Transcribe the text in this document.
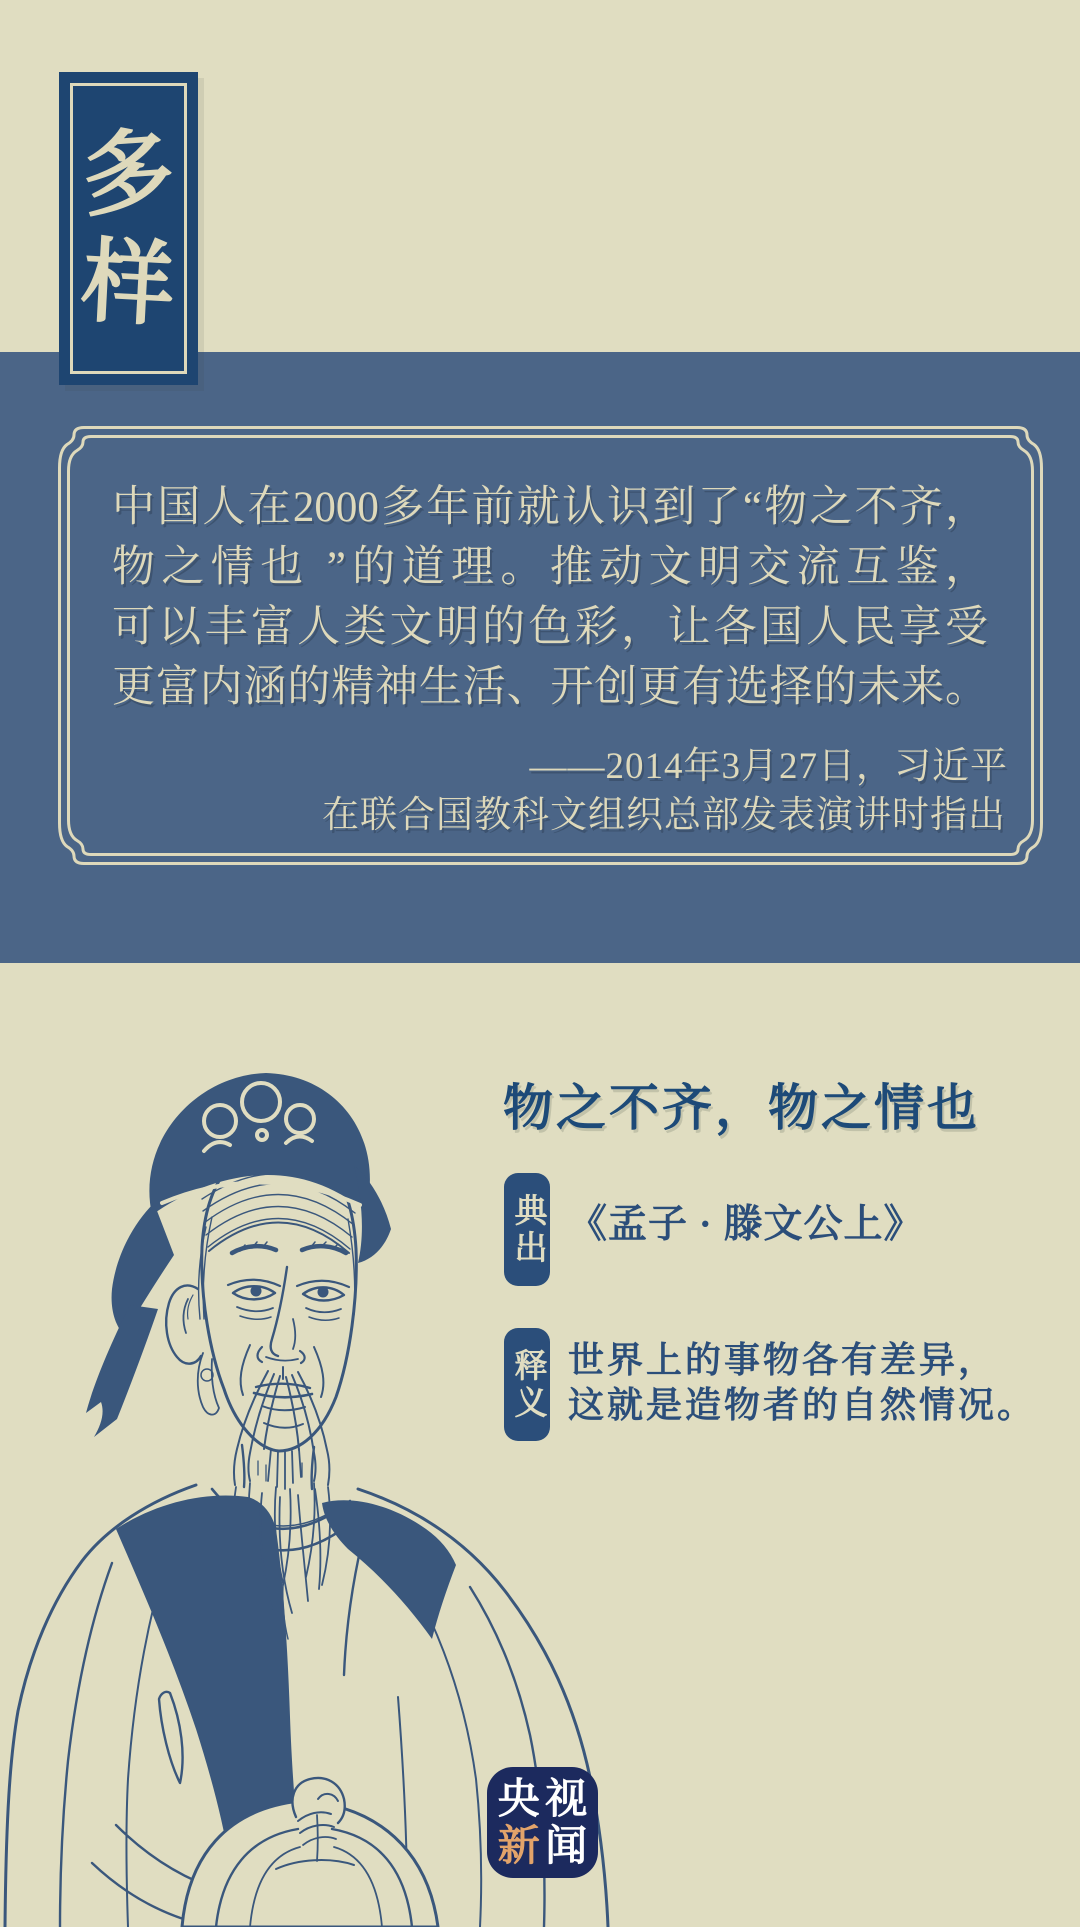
多
样
中国人在2000多年前就认识到了“物之不齐，
物之情也 ”的道理。推动文明交流互鉴，
可以丰富人类文明的色彩，让各国人民享受
更富内涵的精神生活、开创更有选择的未来。
——2014年3月27日，习近平
在联合国教科文组织总部发表演讲时指出
物之不齐，物之情也
典出 《孟子 · 滕文公上》
释义 世界上的事物各有差异，
这就是造物者的自然情况。
央 视
新 闻
